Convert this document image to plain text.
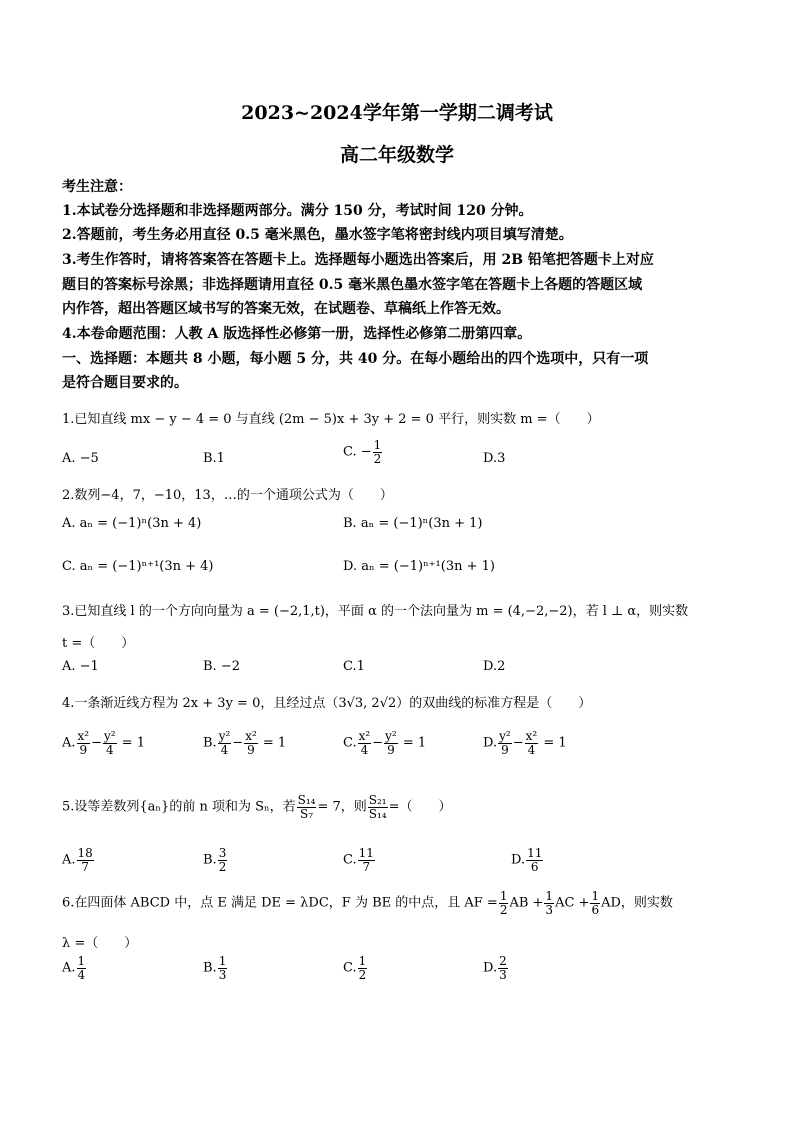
2023~2024学年第一学期二调考试
高二年级数学
考生注意：
1.本试卷分选择题和非选择题两部分。满分 150 分，考试时间 120 分钟。
2.答题前，考生务必用直径 0.5 毫米黑色，墨水签字笔将密封线内项目填写清楚。
3.考生作答时，请将答案答在答题卡上。选择题每小题选出答案后，用 2B 铅笔把答题卡上对应
题目的答案标号涂黑；非选择题请用直径 0.5 毫米黑色墨水签字笔在答题卡上各题的答题区域
内作答，超出答题区域书写的答案无效，在试题卷、草稿纸上作答无效。
4.本卷命题范围：人教 A 版选择性必修第一册，选择性必修第二册第四章。
一、选择题：本题共 8 小题，每小题 5 分，共 40 分。在每小题给出的四个选项中，只有一项
是符合题目要求的。
1.已知直线 mx − y − 4 = 0 与直线 (2m − 5)x + 3y + 2 = 0 平行，则实数 m =（　　）
A. −5	B.1	C. − $\frac{1}{2}$	D.3
2.数列−4，7，−10，13，…的一个通项公式为（　　）
A. aₙ = (−1)ⁿ(3n + 4)	B. aₙ = (−1)ⁿ(3n + 1)
C. aₙ = (−1)ⁿ⁺¹(3n + 4)	D. aₙ = (−1)ⁿ⁺¹(3n + 1)
3.已知直线 l 的一个方向向量为 a = (−2,1,t)，平面 α 的一个法向量为 m = (4,−2,−2)，若 l ⊥ α，则实数
t =（　　）
A. −1	B. −2	C.1	D.2
4.一条渐近线方程为 2x + 3y = 0，且经过点（3√3, 2√2）的双曲线的标准方程是（　　）
A. $\frac{\text{x²}}{9} - \frac{\text{y²}}{4} = 1$	B. $\frac{\text{y²}}{4} - \frac{\text{x²}}{9} = 1$	C. $\frac{\text{x²}}{4} - \frac{\text{y²}}{9} = 1$	D. $\frac{\text{y²}}{9} - \frac{\text{x²}}{4} = 1$
5.设等差数列{aₙ}的前 n 项和为 Sₙ，若 $\frac{\text{S₁₄}}{\text{S₇}} = 7$，则 $\frac{\text{S₂₁}}{\text{S₁₄}}$ =（　　）
A. $\frac{18}{7}$	B. $\frac{3}{2}$	C. $\frac{11}{7}$	D. $\frac{11}{6}$
6.在四面体 ABCD 中，点 E 满足 DE = λDC，F 为 BE 的中点，且 AF = $\frac{1}{2}$ AB + $\frac{1}{3}$ AC + $\frac{1}{6}$ AD，则实数
λ =（　　）
A. $\frac{1}{4}$	B. $\frac{1}{3}$	C. $\frac{1}{2}$	D. $\frac{2}{3}$
